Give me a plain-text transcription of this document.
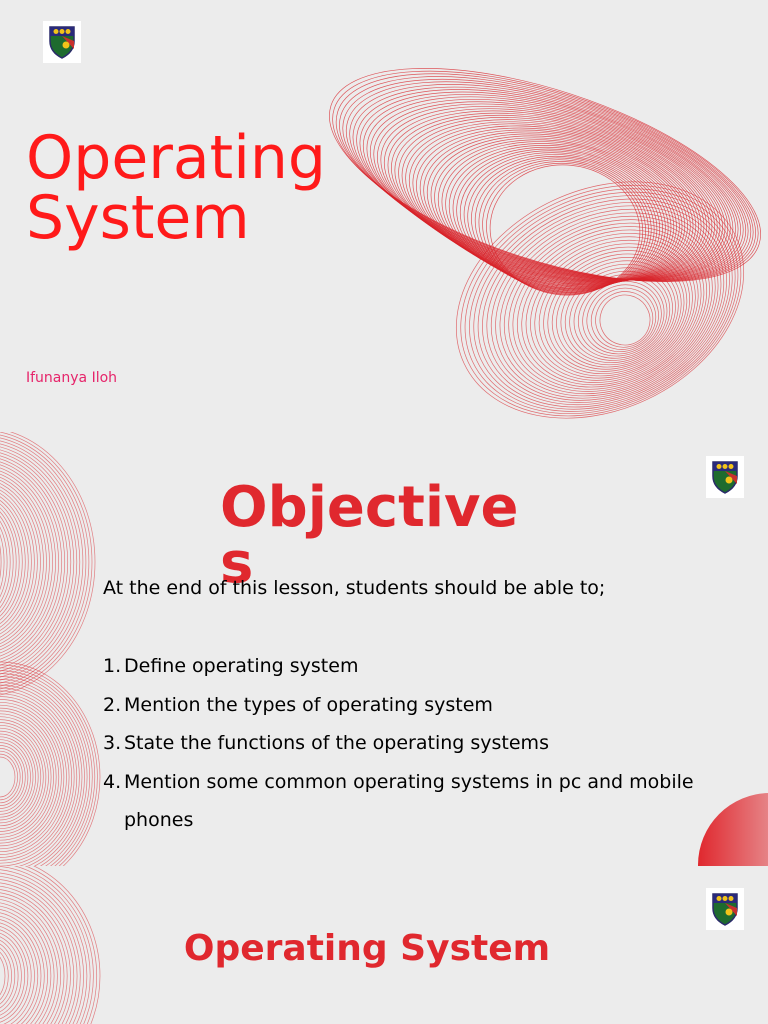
Operating
System
Ifunanya Iloh
Objectives

At the end of this lesson, students should be able to;

1. Define operating system
2. Mention the types of operating system
3. State the functions of the operating systems
4. Mention some common operating systems in pc and mobile phones
Operating System
